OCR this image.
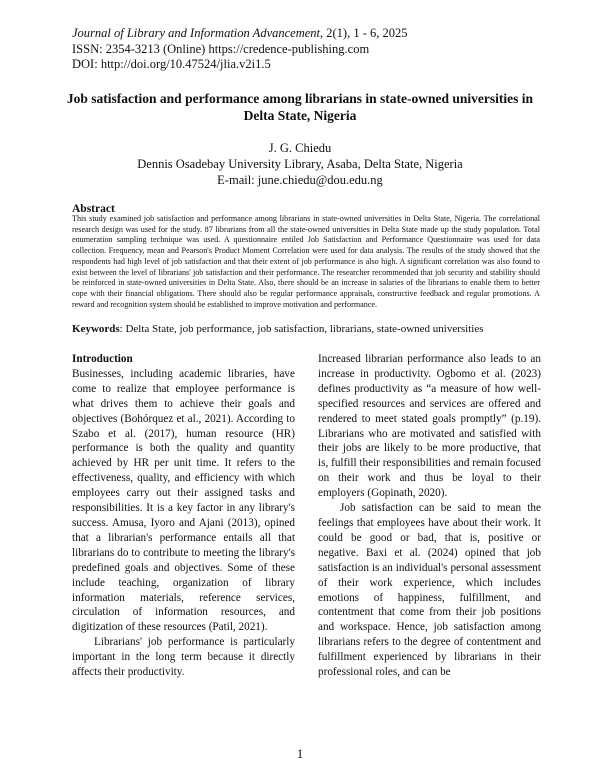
Journal of Library and Information Advancement, 2(1), 1 - 6, 2025
ISSN: 2354-3213 (Online) https://credence-publishing.com
DOI: http://doi.org/10.47524/jlia.v2i1.5
Job satisfaction and performance among librarians in state-owned universities in Delta State, Nigeria
J. G. Chiedu
Dennis Osadebay University Library, Asaba, Delta State, Nigeria
E-mail: june.chiedu@dou.edu.ng
Abstract
This study examined job satisfaction and performance among librarians in state-owned universities in Delta State, Nigeria. The correlational research design was used for the study. 87 librarians from all the state-owned universities in Delta State made up the study population. Total enumeration sampling technique was used. A questionnaire entiled Job Satisfaction and Performance Questionnaire was used for data collection. Frequency, mean and Pearson's Product Moment Correlation were used for data analysis. The results of the study showed that the respondents had high level of job satisfaction and that their extent of job performance is also high. A significant correlation was also found to exist between the level of librarians' job satisfaction and their performance. The researcher recommended that job security and stability should be reinforced in state-owned universities in Delta State. Also, there should be an increase in salaries of the librarians to enable them to better cope with their financial obligations. There should also be regular performance appraisals, constructive feedback and regular promotions. A reward and recognition system should be established to improve motivation and performance.
Keywords: Delta State, job performance, job satisfaction, librarians, state-owned universities
Introduction

Businesses, including academic libraries, have come to realize that employee performance is what drives them to achieve their goals and objectives (Bohórquez et al., 2021). According to Szabo et al. (2017), human resource (HR) performance is both the quality and quantity achieved by HR per unit time. It refers to the effectiveness, quality, and efficiency with which employees carry out their assigned tasks and responsibilities. It is a key factor in any library's success. Amusa, Iyoro and Ajani (2013), opined that a librarian's performance entails all that librarians do to contribute to meeting the library's predefined goals and objectives. Some of these include teaching, organization of library information materials, reference services, circulation of information resources, and digitization of these resources (Patil, 2021).

Librarians' job performance is particularly important in the long term because it directly affects their productivity.

Increased librarian performance also leads to an increase in productivity. Ogbomo et al. (2023) defines productivity as “a measure of how well-specified resources and services are offered and rendered to meet stated goals promptly” (p.19). Librarians who are motivated and satisfied with their jobs are likely to be more productive, that is, fulfill their responsibilities and remain focused on their work and thus be loyal to their employers (Gopinath, 2020).

Job satisfaction can be said to mean the feelings that employees have about their work. It could be good or bad, that is, positive or negative. Baxi et al. (2024) opined that job satisfaction is an individual's personal assessment of their work experience, which includes emotions of happiness, fulfillment, and contentment that come from their job positions and workspace. Hence, job satisfaction among librarians refers to the degree of contentment and fulfillment experienced by librarians in their professional roles, and can be

1
